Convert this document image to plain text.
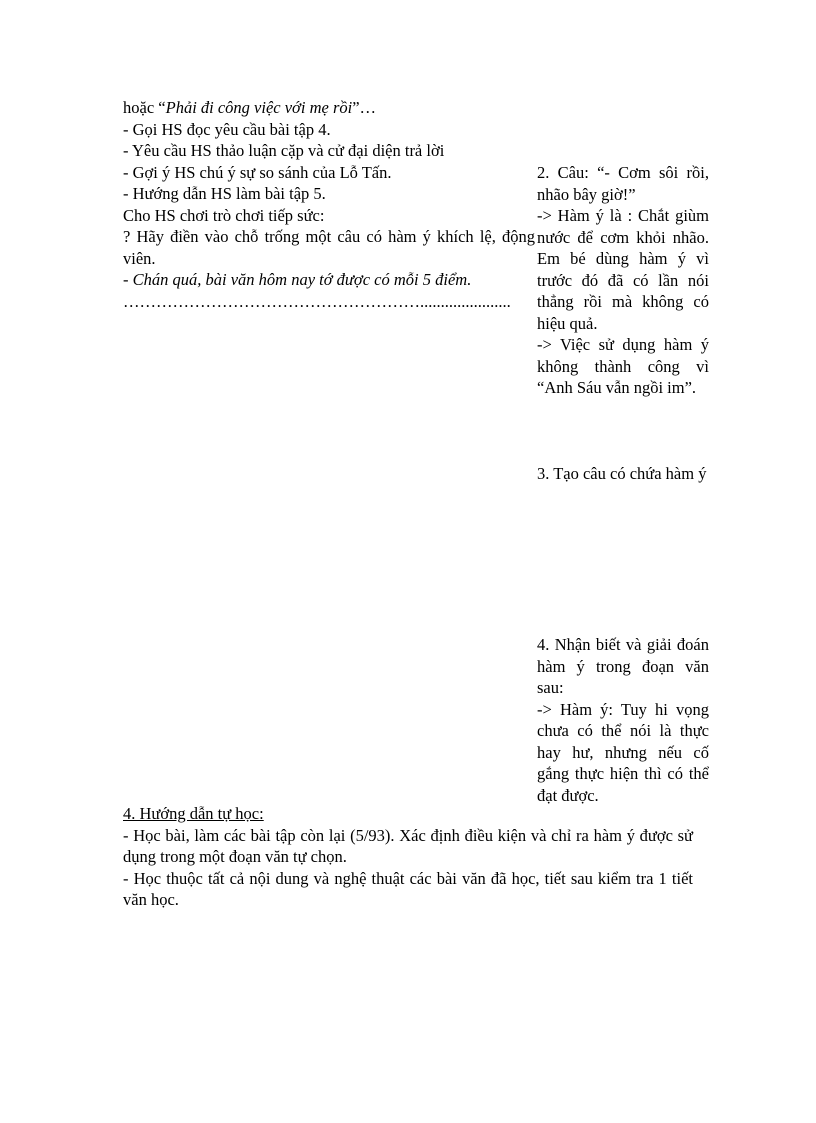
hoặc “Phải đi công việc với mẹ rồi”…
- Gọi HS đọc yêu cầu bài tập 4.
- Yêu cầu HS thảo luận cặp và cử đại diện trả lời
- Gợi ý HS chú ý sự so sánh của Lỗ Tấn.
- Hướng dẫn HS làm bài tập 5.
Cho HS chơi trò chơi tiếp sức:
? Hãy điền vào chỗ trống một câu có hàm ý khích lệ, động viên.
- Chán quá, bài văn hôm nay tớ được có mỗi 5 điểm.
………………………………………………......................

2. Câu: “- Cơm sôi rồi, nhão bây giờ!”

-> Hàm ý là : Chắt giùm nước để cơm khỏi nhão. Em bé dùng hàm ý vì trước đó đã có lần nói thẳng rồi mà không có hiệu quả.

-> Việc sử dụng hàm ý không thành công vì “Anh Sáu vẫn ngồi im”.

3. Tạo câu có chứa hàm ý

4. Nhận biết và giải đoán hàm ý trong đoạn văn sau:

-> Hàm ý: Tuy hi vọng chưa có thể nói là thực hay hư, nhưng nếu cố gắng thực hiện thì có thể đạt được.

4. Hướng dẫn tự học:
- Học bài, làm các bài tập còn lại (5/93). Xác định điều kiện và chỉ ra hàm ý được sử dụng trong một đoạn văn tự chọn.
- Học thuộc tất cả nội dung và nghệ thuật các bài văn đã học, tiết sau kiểm tra 1 tiết văn học.
